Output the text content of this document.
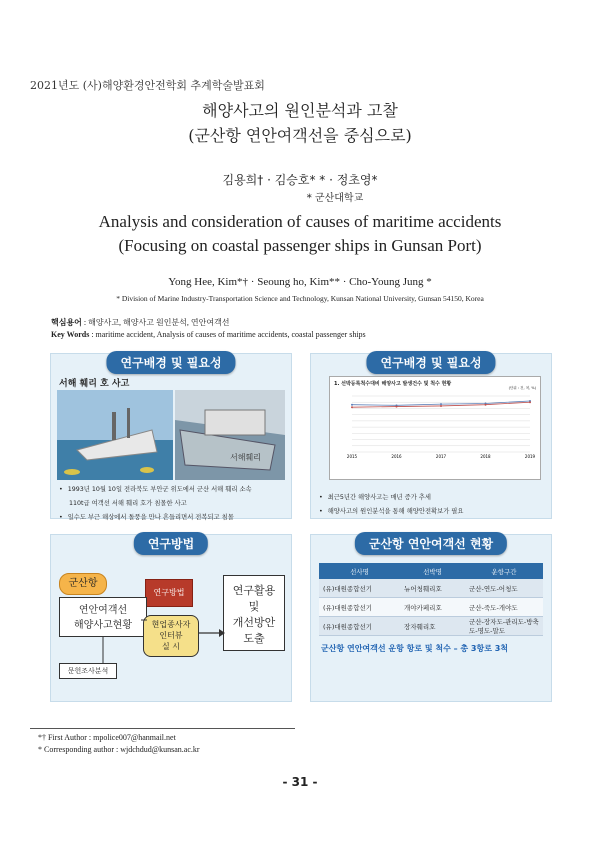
2021년도 (사)해양환경안전학회 추계학술발표회
해양사고의 원인분석과 고찰
(군산항 연안여객선을 중심으로)
김용희† · 김승호* * · 정초영*
* 군산대학교
Analysis and consideration of causes of maritime accidents
(Focusing on coastal passenger ships in Gunsan Port)
Yong Hee, Kim*† · Seoung ho, Kim** · Cho-Young Jung *
* Division of Marine Industry-Transportation Science and Technology, Kunsan National University, Gunsan 54150, Korea
핵심용어 : 해양사고, 해양사고 원인분석, 연안여객선
Key Words : maritime accident, Analysis of causes of maritime accidents, coastal passenger ships
연구배경 및 필요성
서해 훼리 호 사고
서해훼리
• 1993년 10월 10일 전라북도 부안군 위도에서 군산 서해 훼리 소속
110t급 여객선 서해 훼리 호가 침몰한 사고
• 일수도 부근 해상에서 돌풍을 만나 흔들리면서 전복되고 침몰
연구배경 및 필요성
1. 선박등록척수대비 해양사고 발생건수 및 척수 현황
(단위 : 건, 척, %)
2015	2016	2017	2018	2019
• 최근5년간 해양사고는 매년 증가 추세
• 해양사고의 원인분석을 통해 해양안전확보가 필요
연구방법
군산항
연구방법
연안여객선
해양사고현황	현업종사자
인터뷰
실 시
연구활용
및
개선방안
도출
문헌조사분석
군산항 연안여객선 현황
선사명	선박명	운항구간
(유)대원종합선기	뉴어청훼리호	군산-연도-어청도
(유)대원종합선기	개야카페리호	군산-죽도-개야도
(유)대원종합선기	장자훼리호	군산-장자도-관리도-방축도-명도-말도
군산항 연안여객선 운항 항로 및 척수 – 총 3항로 3척
*† First Author : mpolice007@hanmail.net
* Corresponding author : wjdchdud@kunsan.ac.kr
- 31 -
